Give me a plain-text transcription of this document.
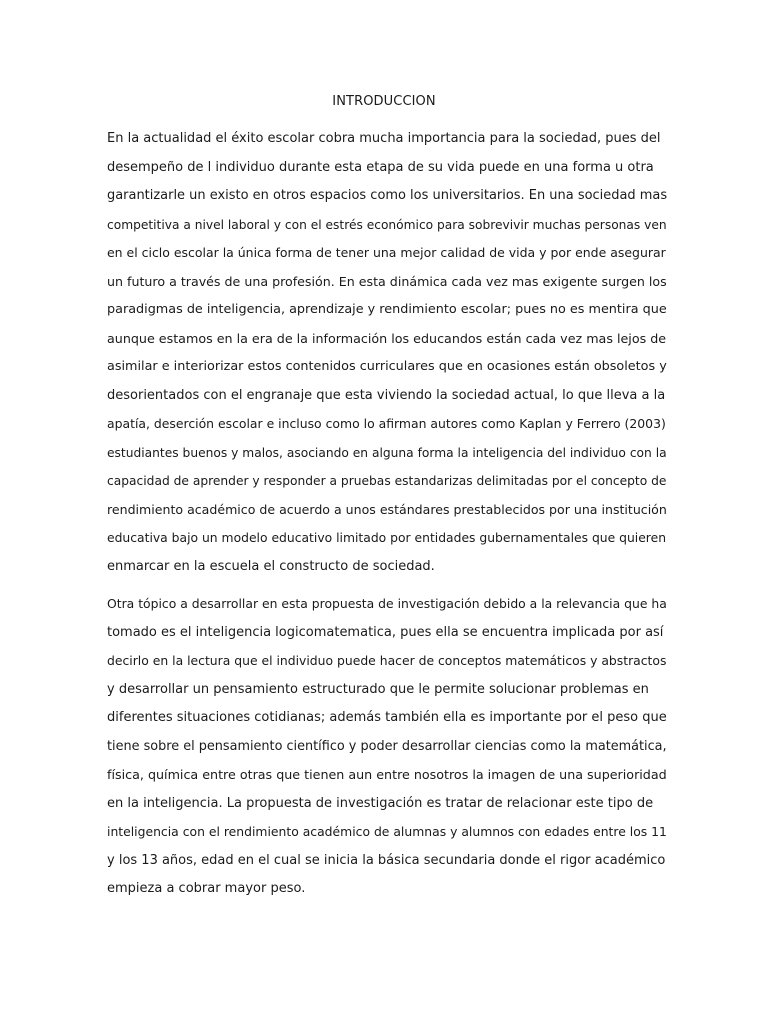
INTRODUCCION

En la actualidad el éxito escolar cobra mucha importancia para la sociedad, pues del
desempeño de l individuo durante esta etapa de su vida puede en una forma u otra
garantizarle un existo en otros espacios como los universitarios. En una sociedad mas
competitiva a nivel laboral y con el estrés económico para sobrevivir muchas personas ven
en el ciclo escolar la única forma de tener una mejor calidad de vida y por ende asegurar
un futuro a través de una profesión. En esta dinámica cada vez mas exigente surgen los
paradigmas de inteligencia, aprendizaje y rendimiento escolar; pues no es mentira que
aunque estamos en la era de la información los educandos están cada vez mas lejos de
asimilar e interiorizar estos contenidos curriculares que en ocasiones están obsoletos y
desorientados con el engranaje que esta viviendo la sociedad actual, lo que lleva a la
apatía, deserción escolar e incluso como lo afirman autores como Kaplan y Ferrero (2003)
estudiantes buenos y malos, asociando en alguna forma la inteligencia del individuo con la
capacidad de aprender y responder a pruebas estandarizas delimitadas por el concepto de
rendimiento académico de acuerdo a unos estándares prestablecidos por una institución
educativa bajo un modelo educativo limitado por entidades gubernamentales que quieren
enmarcar en la escuela el constructo de sociedad.

Otra tópico a desarrollar en esta propuesta de investigación debido a la relevancia que ha
tomado es el inteligencia logicomatematica, pues ella se encuentra implicada por así
decirlo en la lectura que el individuo puede hacer de conceptos matemáticos y abstractos
y desarrollar un pensamiento estructurado que le permite solucionar problemas en
diferentes situaciones cotidianas; además también ella es importante por el peso que
tiene sobre el pensamiento científico y poder desarrollar ciencias como la matemática,
física, química entre otras que tienen aun entre nosotros la imagen de una superioridad
en la inteligencia. La propuesta de investigación es tratar de relacionar este tipo de
inteligencia con el rendimiento académico de alumnas y alumnos con edades entre los 11
y los 13 años, edad en el cual se inicia la básica secundaria donde el rigor académico
empieza a cobrar mayor peso.
